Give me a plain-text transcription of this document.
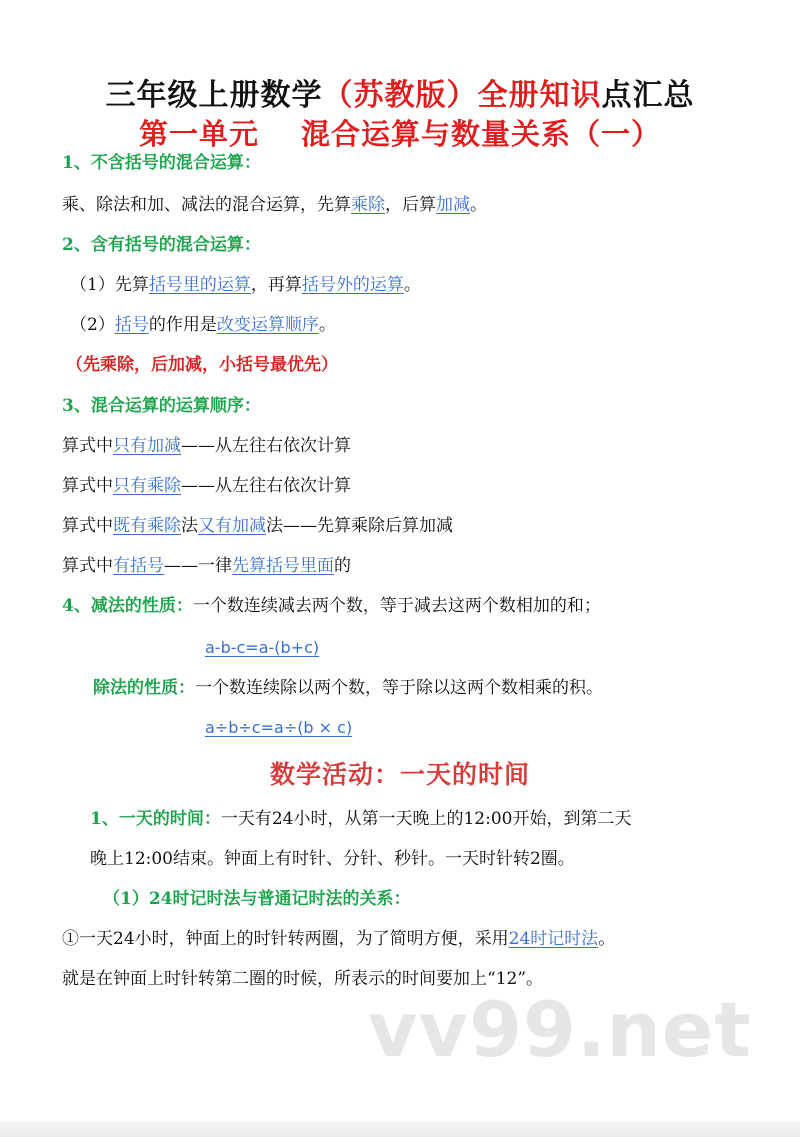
三年级上册数学（苏教版）全册知识点汇总
第一单元 混合运算与数量关系（一）
1、不含括号的混合运算：
乘、除法和加、减法的混合运算，先算乘除，后算加减。
2、含有括号的混合运算：
（1）先算括号里的运算，再算括号外的运算。
（2）括号的作用是改变运算顺序。
（先乘除，后加减，小括号最优先）
3、混合运算的运算顺序：
算式中只有加减——从左往右依次计算
算式中只有乘除——从左往右依次计算
算式中既有乘除法又有加减法——先算乘除后算加减
算式中有括号——一律先算括号里面的
4、减法的性质：一个数连续减去两个数，等于减去这两个数相加的和；
a-b-c=a-(b+c)
除法的性质：一个数连续除以两个数，等于除以这两个数相乘的积。
a÷b÷c=a÷(b × c)
数学活动：一天的时间
1、一天的时间：一天有24小时，从第一天晚上的12:00开始，到第二天
晚上12:00结束。钟面上有时针、分针、秒针。一天时针转2圈。
（1）24时记时法与普通记时法的关系：
①一天24小时，钟面上的时针转两圈，为了简明方便，采用24时记时法。
就是在钟面上时针转第二圈的时候，所表示的时间要加上“12”。
vv99.net
